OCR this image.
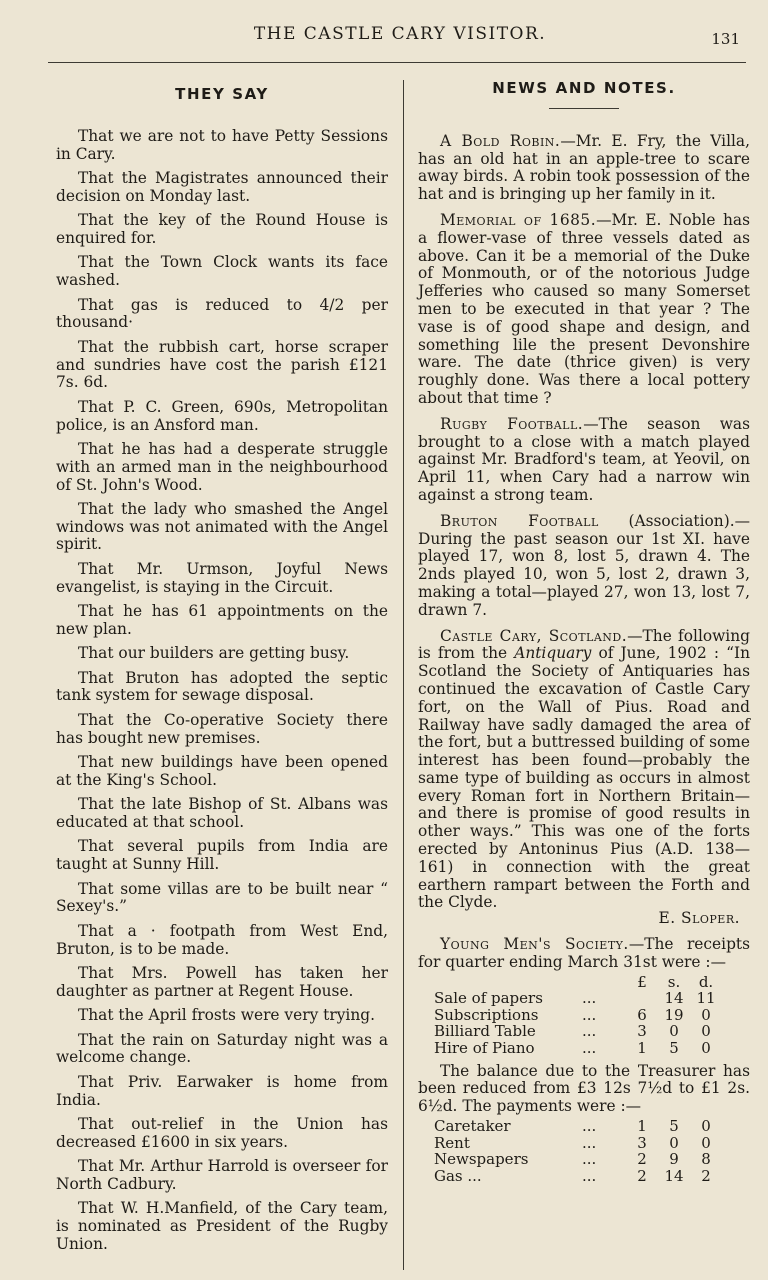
THE CASTLE CARY VISITOR.	131
THEY SAY

That we are not to have Petty Sessions in Cary.

That the Magistrates announced their decision on Monday last.

That the key of the Round House is enquired for.

That the Town Clock wants its face washed.

That gas is reduced to 4/2 per thousand·

That the rubbish cart, horse scraper and sundries have cost the parish £121 7s. 6d.

That P. C. Green, 690s, Metropolitan police, is an Ansford man.

That he has had a desperate struggle with an armed man in the neighbourhood of St. John's Wood.

That the lady who smashed the Angel windows was not animated with the Angel spirit.

That Mr. Urmson, Joyful News evangelist, is staying in the Circuit.

That he has 61 appointments on the new plan.

That our builders are getting busy.

That Bruton has adopted the septic tank system for sewage disposal.

That the Co-operative Society there has bought new premises.

That new buildings have been opened at the King's School.

That the late Bishop of St. Albans was educated at that school.

That several pupils from India are taught at Sunny Hill.

That some villas are to be built near “ Sexey's.”

That a · footpath from West End, Bruton, is to be made.

That Mrs. Powell has taken her daughter as partner at Regent House.

That the April frosts were very trying.

That the rain on Saturday night was a welcome change.

That Priv. Earwaker is home from India.

That out-relief in the Union has decreased £1600 in six years.

That Mr. Arthur Harrold is overseer for North Cadbury.

That W. H.Manfield, of the Cary team, is nominated as President of the Rugby Union.

NEWS AND NOTES.

A Bold Robin.—Mr. E. Fry, the Villa, has an old hat in an apple-tree to scare away birds. A robin took possession of the hat and is bringing up her family in it.

Memorial of 1685.—Mr. E. Noble has a flower-vase of three vessels dated as above. Can it be a memorial of the Duke of Monmouth, or of the notorious Judge Jefferies who caused so many Somerset men to be executed in that year ? The vase is of good shape and design, and something lile the present Devonshire ware. The date (thrice given) is very roughly done. Was there a local pottery about that time ?

Rugby Football.—The season was brought to a close with a match played against Mr. Bradford's team, at Yeovil, on April 11, when Cary had a narrow win against a strong team.

Bruton Football (Association).—During the past season our 1st XI. have played 17, won 8, lost 5, drawn 4. The 2nds played 10, won 5, lost 2, drawn 3, making a total—played 27, won 13, lost 7, drawn 7.

Castle Cary, Scotland.—The following is from the Antiquary of June, 1902 : “In Scotland the Society of Antiquaries has continued the excavation of Castle Cary fort, on the Wall of Pius. Road and Railway have sadly damaged the area of the fort, but a buttressed building of some interest has been found—probably the same type of building as occurs in almost every Roman fort in Northern Britain—and there is promise of good results in other ways.” This was one of the forts erected by Antoninus Pius (A.D. 138—161) in connection with the great earthern rampart between the Forth and the Clyde.

E. Sloper.

Young Men's Society.—The receipts for quarter ending March 31st were :—

		£	s.	d.
Sale of papers	...		14	11
Subscriptions	...	6	19	0
Billiard Table	...	3	0	0
Hire of Piano	...	1	5	0

The balance due to the Treasurer has been reduced from £3 12s 7½d to £1 2s. 6½d. The payments were :—

Caretaker	...	1	5	0
Rent	...	3	0	0
Newspapers	...	2	9	8
Gas ...	...	2	14	2
